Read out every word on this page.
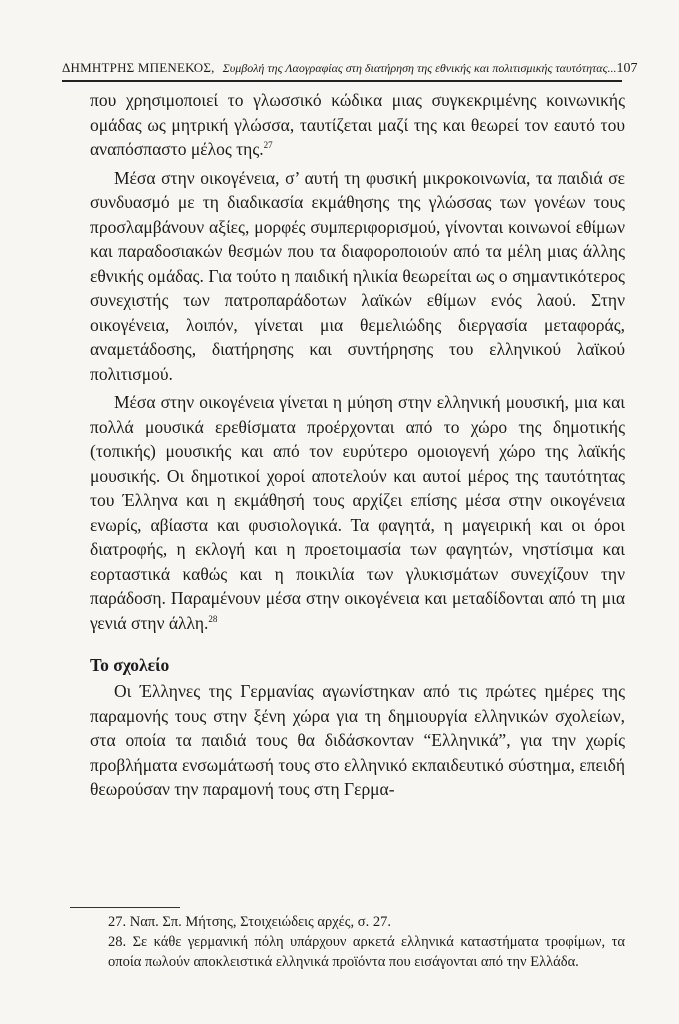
ΔΗΜΗΤΡΗΣ ΜΠΕΝΕΚΟΣ, Συμβολή της Λαογραφίας στη διατήρηση της εθνικής και πολιτισμικής ταυτότητας... 107

που χρησιμοποιεί το γλωσσικό κώδικα μιας συγκεκριμένης κοινωνικής ομάδας ως μητρική γλώσσα, ταυτίζεται μαζί της και θεωρεί τον εαυτό του αναπόσπαστο μέλος της.$^{27}$

Μέσα στην οικογένεια, σ’ αυτή τη φυσική μικροκοινωνία, τα παιδιά σε συνδυασμό με τη διαδικασία εκμάθησης της γλώσσας των γονέων τους προσλαμβάνουν αξίες, μορφές συμπεριφορισμού, γίνονται κοινωνοί εθίμων και παραδοσιακών θεσμών που τα διαφοροποιούν από τα μέλη μιας άλλης εθνικής ομάδας. Για τούτο η παιδική ηλικία θεωρείται ως ο σημαντικότερος συνεχιστής των πατροπαράδοτων λαϊκών εθίμων ενός λαού. Στην οικογένεια, λοιπόν, γίνεται μια θεμελιώδης διεργασία μεταφοράς, αναμετάδοσης, διατήρησης και συντήρησης του ελληνικού λαϊκού πολιτισμού.

Μέσα στην οικογένεια γίνεται η μύηση στην ελληνική μουσική, μια και πολλά μουσικά ερεθίσματα προέρχονται από το χώρο της δημοτικής (τοπικής) μουσικής και από τον ευρύτερο ομοιογενή χώρο της λαϊκής μουσικής. Οι δημοτικοί χοροί αποτελούν και αυτοί μέρος της ταυτότητας του Έλληνα και η εκμάθησή τους αρχίζει επίσης μέσα στην οικογένεια ενωρίς, αβίαστα και φυσιολογικά. Τα φαγητά, η μαγειρική και οι όροι διατροφής, η εκλογή και η προετοιμασία των φαγητών, νηστίσιμα και εορταστικά καθώς και η ποικιλία των γλυκισμάτων συνεχίζουν την παράδοση. Παραμένουν μέσα στην οικογένεια και μεταδίδονται από τη μια γενιά στην άλλη.$^{28}$

Το σχολείο

Οι Έλληνες της Γερμανίας αγωνίστηκαν από τις πρώτες ημέρες της παραμονής τους στην ξένη χώρα για τη δημιουργία ελληνικών σχολείων, στα οποία τα παιδιά τους θα διδάσκονταν “Ελληνικά”, για την χωρίς προβλήματα ενσωμάτωσή τους στο ελληνικό εκπαιδευτικό σύστημα, επειδή θεωρούσαν την παραμονή τους στη Γερμα-

27. Ναπ. Σπ. Μήτσης, Στοιχειώδεις αρχές, σ. 27.

28. Σε κάθε γερμανική πόλη υπάρχουν αρκετά ελληνικά καταστήματα τροφίμων, τα οποία πωλούν αποκλειστικά ελληνικά προϊόντα που εισάγονται από την Ελλάδα.
